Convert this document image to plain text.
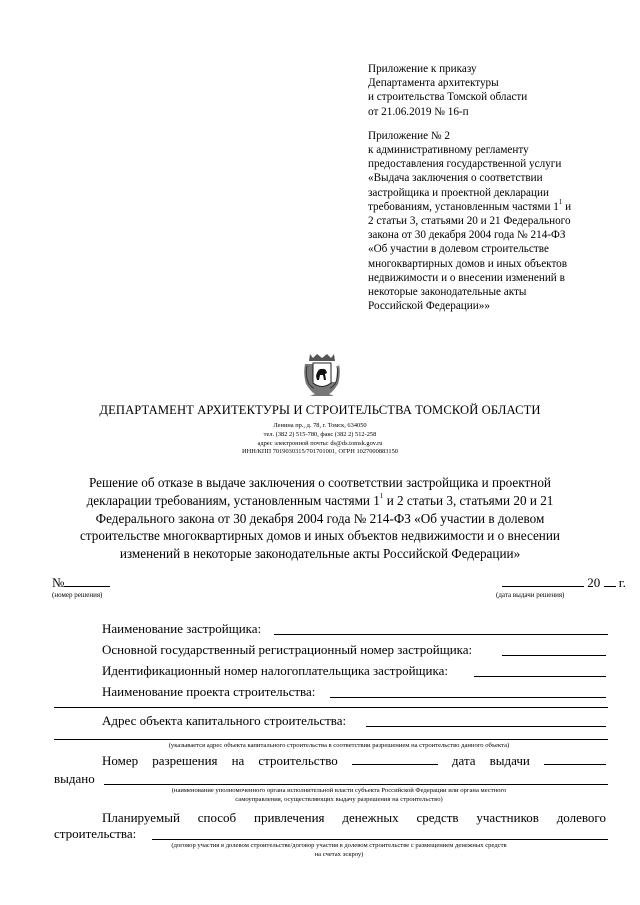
Приложение к приказу
Департамента архитектуры
и строительства Томской области
от 21.06.2019 № 16-п
Приложение № 2
к административному регламенту
предоставления государственной услуги
«Выдача заключения о соответствии
застройщика и проектной декларации
требованиям, установленным частями $1^1$ и
2 статьи 3, статьями 20 и 21 Федерального
закона от 30 декабря 2004 года № 214-ФЗ
«Об участии в долевом строительстве
многоквартирных домов и иных объектов
недвижимости и о внесении изменений в
некоторые законодательные акты
Российской Федерации»»
ДЕПАРТАМЕНТ АРХИТЕКТУРЫ И СТРОИТЕЛЬСТВА ТОМСКОЙ ОБЛАСТИ
Ленина пр., д. 78, г. Томск, 634050
тел. (382 2) 515-780, факс (382 2) 512-258
адрес электронной почты: ds@ds.tomsk.gov.ru
ИНН/КПП 7019030315/701701001, ОГРН 1027000883150
Решение об отказе в выдаче заключения о соответствии застройщика и проектной
декларации требованиям, установленным частями $1^1$ и 2 статьи 3, статьями 20 и 21
Федерального закона от 30 декабря 2004 года № 214-ФЗ «Об участии в долевом
строительстве многоквартирных домов и иных объектов недвижимости и о внесении
изменений в некоторые законодательные акты Российской Федерации»
№
(номер решения)
20  г.
(дата выдачи решения)
Наименование застройщика:
Основной государственный регистрационный номер застройщика:
Идентификационный номер налогоплательщика застройщика:
Наименование проекта строительства:
Адрес объекта капитального строительства:
(указывается адрес объекта капитального строительства в соответствии разрешением на строительство данного объекта)
Номер разрешения на строительство	дата выдачи
выдано
(наименование уполномоченного органа исполнительной власти субъекта Российской Федерации или органа местного
самоуправления, осуществляющих выдачу разрешения на строительство)
Планируемый способ привлечения денежных средств участников долевого
строительства:
(договор участия в долевом строительстве/договор участия в долевом строительстве с размещением денежных средств
на счетах эскроу)
